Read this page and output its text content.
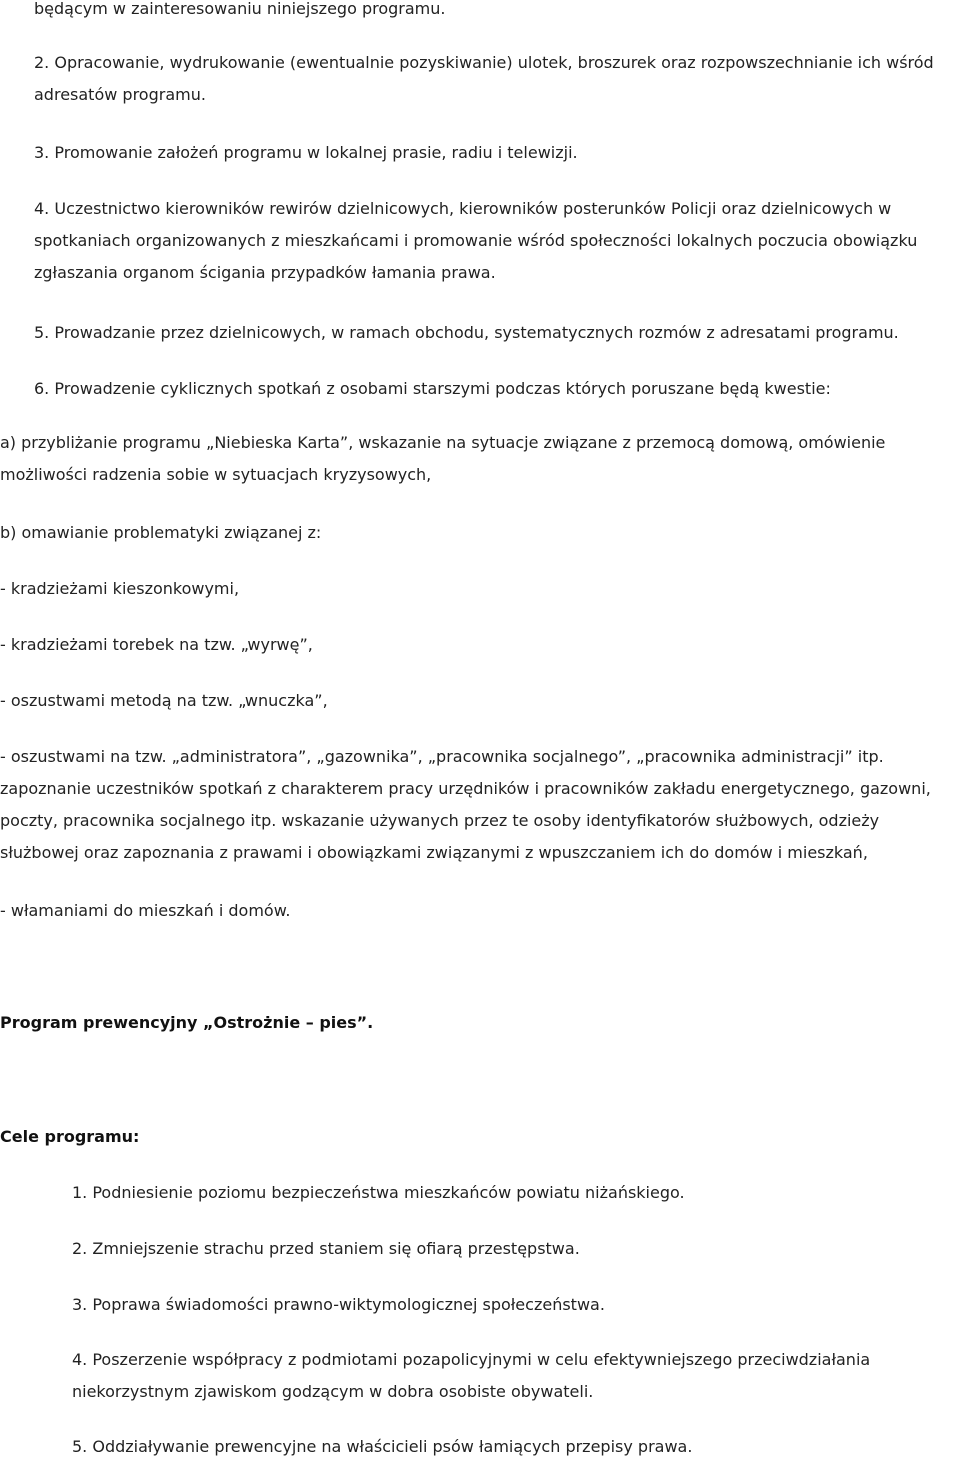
będącym w zainteresowaniu niniejszego programu.

2. Opracowanie, wydrukowanie (ewentualnie pozyskiwanie) ulotek, broszurek oraz rozpowszechnianie ich wśród adresatów programu.

3. Promowanie założeń programu w lokalnej prasie, radiu i telewizji.

4. Uczestnictwo kierowników rewirów dzielnicowych, kierowników posterunków Policji oraz dzielnicowych w spotkaniach organizowanych z mieszkańcami i promowanie wśród społeczności lokalnych poczucia obowiązku zgłaszania organom ścigania przypadków łamania prawa.

5. Prowadzanie przez dzielnicowych, w ramach obchodu, systematycznych rozmów z adresatami programu.

6. Prowadzenie cyklicznych spotkań z osobami starszymi podczas których poruszane będą kwestie:

a) przybliżanie programu „Niebieska Karta”, wskazanie na sytuacje związane z przemocą domową, omówienie możliwości radzenia sobie w sytuacjach kryzysowych,

b) omawianie problematyki związanej z:

- kradzieżami kieszonkowymi,

- kradzieżami torebek na tzw. „wyrwę”,

- oszustwami metodą na tzw. „wnuczka”,

- oszustwami na tzw. „administratora”, „gazownika”, „pracownika socjalnego”, „pracownika administracji” itp. zapoznanie uczestników spotkań z charakterem pracy urzędników i pracowników zakładu energetycznego, gazowni, poczty, pracownika socjalnego itp. wskazanie używanych przez te osoby identyfikatorów służbowych, odzieży służbowej oraz zapoznania z prawami i obowiązkami związanymi z wpuszczaniem ich do domów i mieszkań,

- włamaniami do mieszkań i domów.

Program prewencyjny „Ostrożnie – pies”.

Cele programu:

1. Podniesienie poziomu bezpieczeństwa mieszkańców powiatu niżańskiego.

2. Zmniejszenie strachu przed staniem się ofiarą przestępstwa.

3. Poprawa świadomości prawno-wiktymologicznej społeczeństwa.

4. Poszerzenie współpracy z podmiotami pozapolicyjnymi w celu efektywniejszego przeciwdziałania niekorzystnym zjawiskom godzącym w dobra osobiste obywateli.

5. Oddziaływanie prewencyjne na właścicieli psów łamiących przepisy prawa.
